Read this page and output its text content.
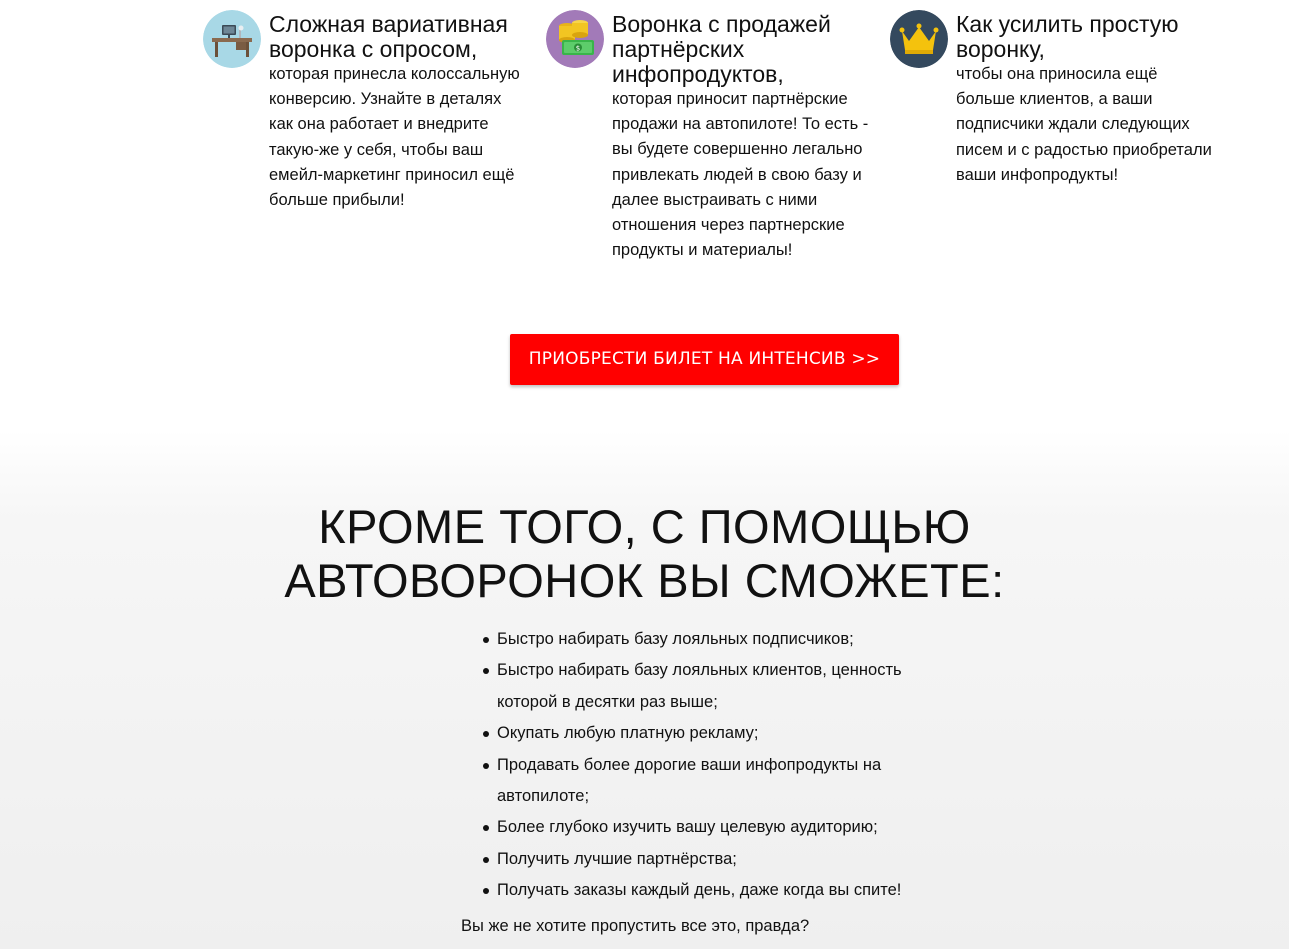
Сложная вариативная воронка с опросом,

которая принесла колоссальную конверсию. Узнайте в деталях как она работает и внедрите такую-же у себя, чтобы ваш емейл-маркетинг приносил ещё больше прибыли!

$

Воронка с продажей партнёрских инфопродуктов,

которая приносит партнёрские продажи на автопилоте! То есть - вы будете совершенно легально привлекать людей в свою базу и далее выстраивать с ними отношения через партнерские продукты и материалы!

Как усилить простую воронку,

чтобы она приносила ещё больше клиентов, а ваши подписчики ждали следующих писем и с радостью приобретали ваши инфопродукты!

ПРИОБРЕСТИ БИЛЕТ НА ИНТЕНСИВ >>
КРОМЕ ТОГО, С ПОМОЩЬЮ
АВТОВОРОНОК ВЫ СМОЖЕТЕ:
Быстро набирать базу лояльных подписчиков;
Быстро набирать базу лояльных клиентов, ценность которой в десятки раз выше;
Окупать любую платную рекламу;
Продавать более дорогие ваши инфопродукты на автопилоте;
Более глубоко изучить вашу целевую аудиторию;
Получить лучшие партнёрства;
Получать заказы каждый день, даже когда вы спите!
Вы же не хотите пропустить все это, правда?
